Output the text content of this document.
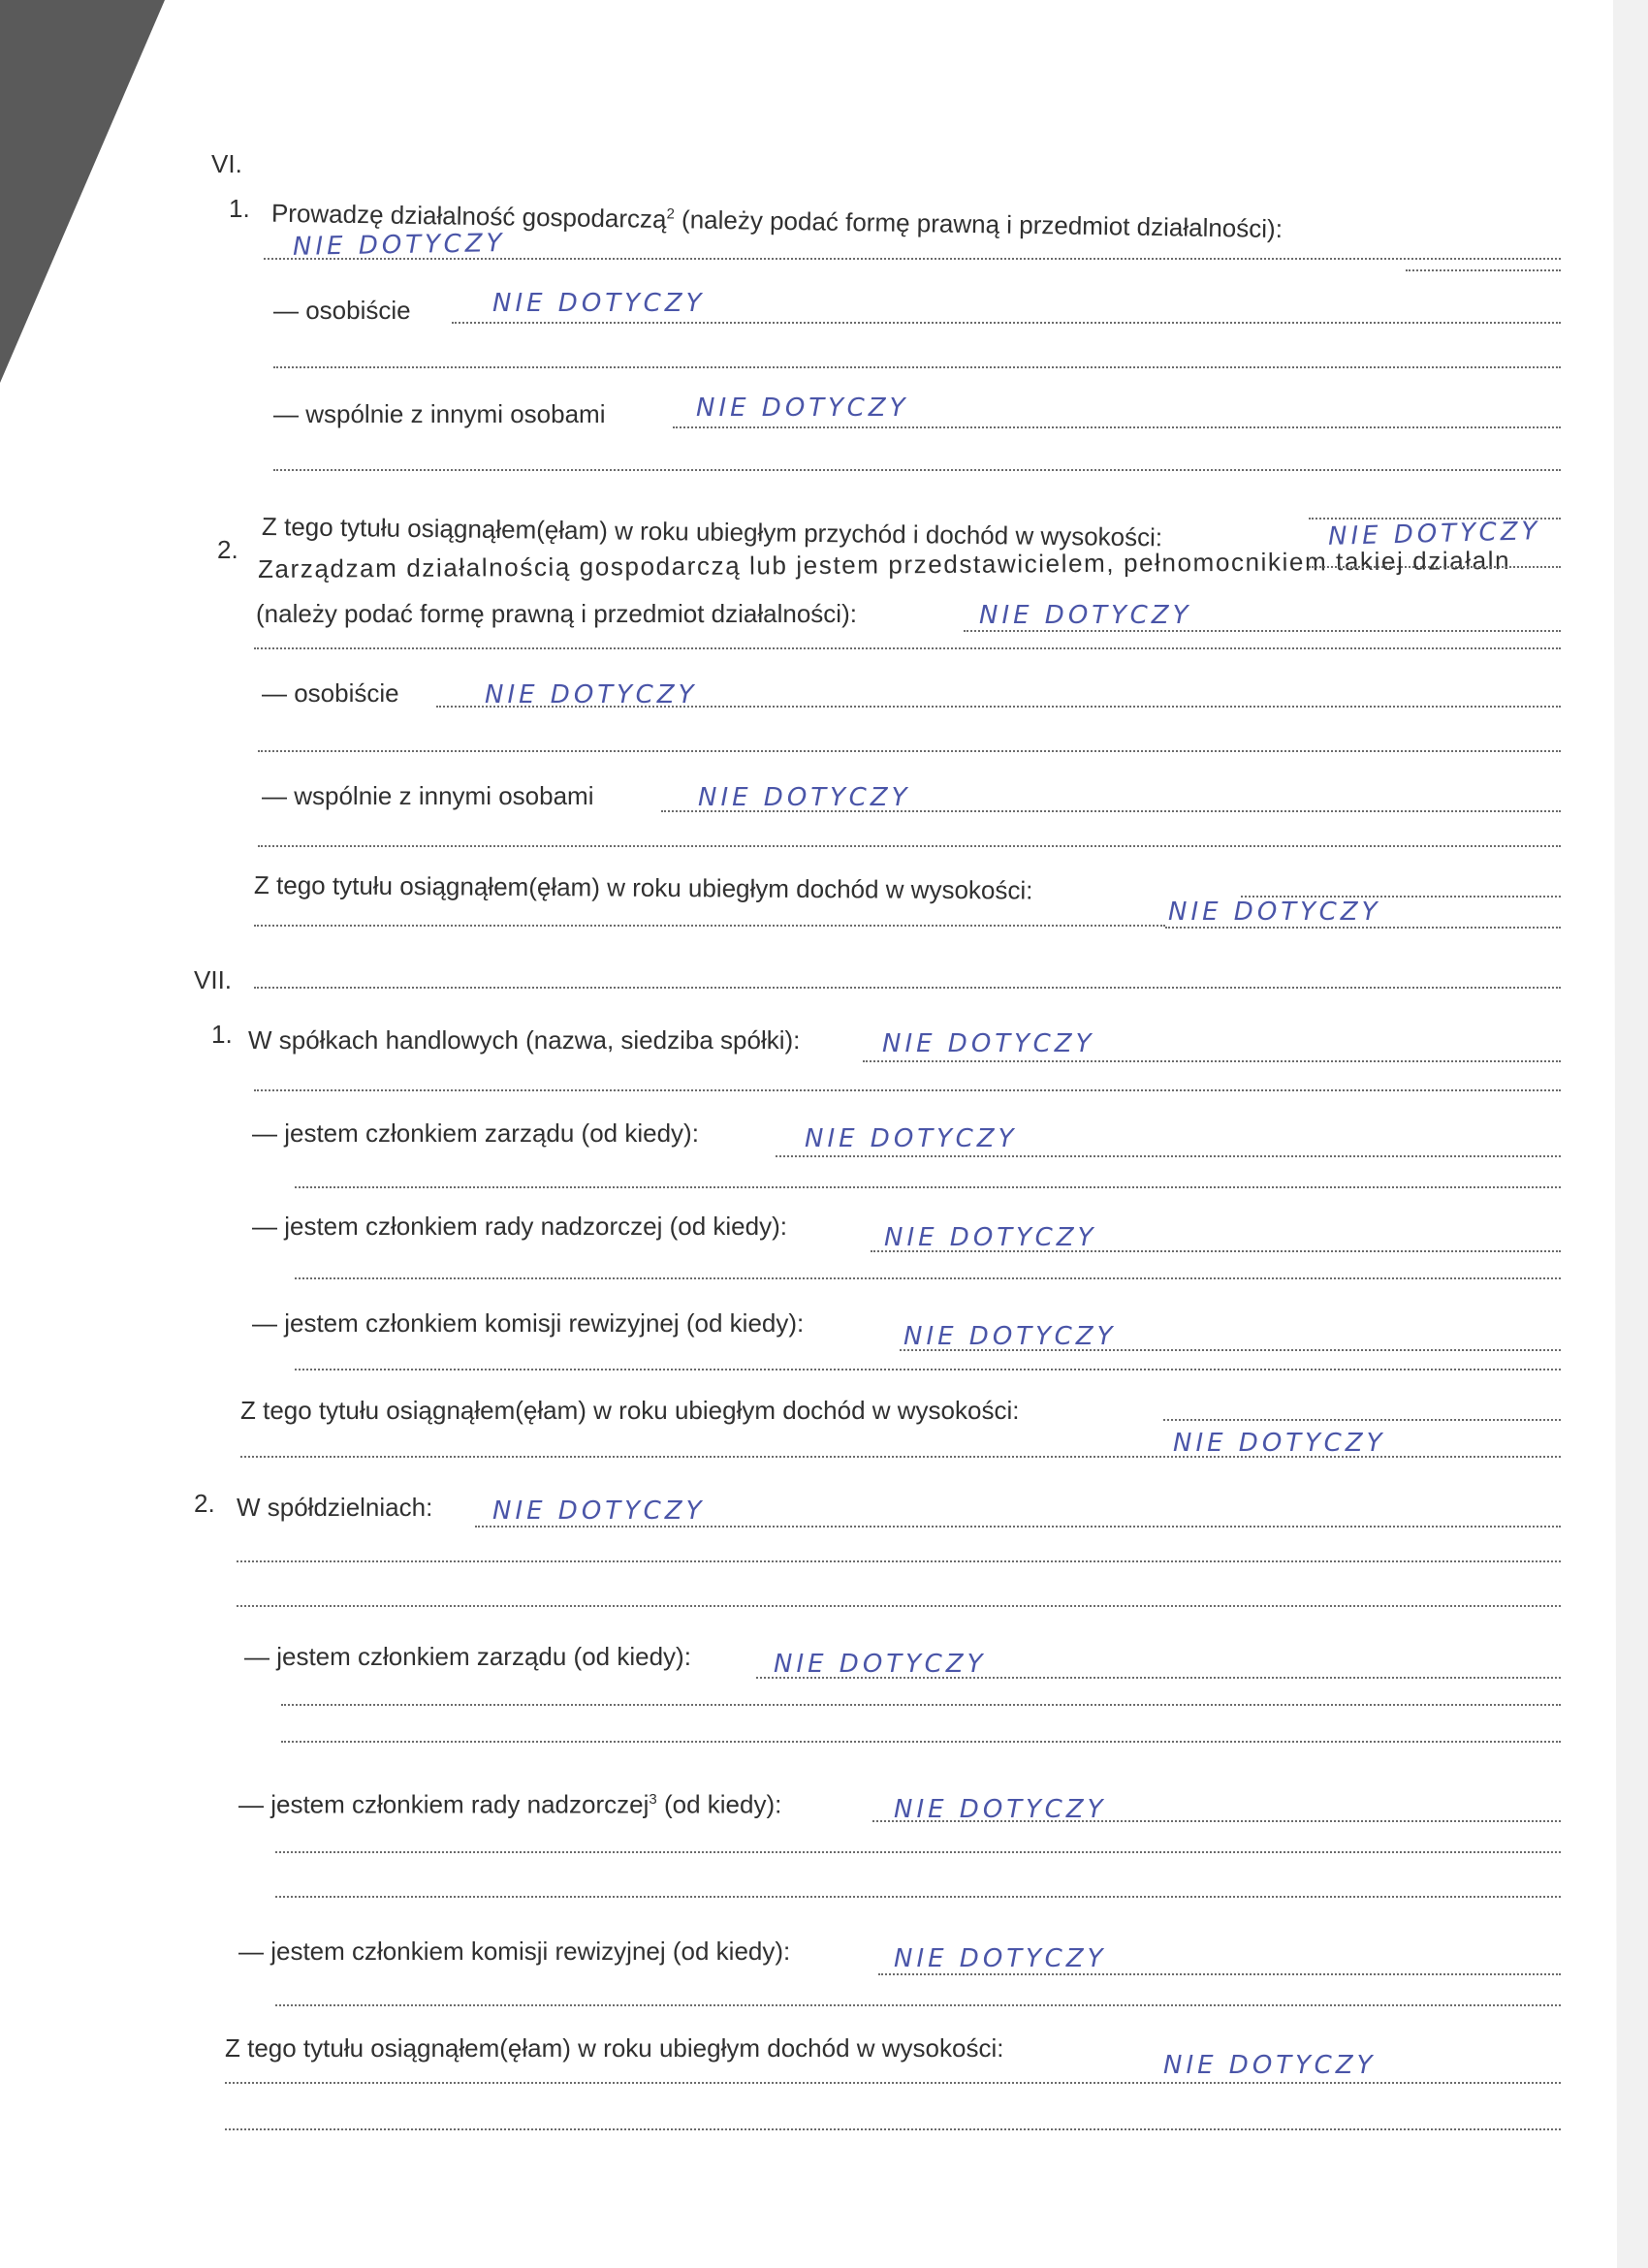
VI.
1. Prowadzę działalność gospodarczą$^2$ (należy podać formę prawną i przedmiot działalności):
NIE DOTYCZY
— osobiście	NIE DOTYCZY
— wspólnie z innymi osobami	NIE DOTYCZY
Z tego tytułu osiągnąłem(ęłam) w roku ubiegłym przychód i dochód w wysokości:	NIE DOTYCZY
2. Zarządzam działalnością gospodarczą lub jestem przedstawicielem, pełnomocnikiem takiej działaln
(należy podać formę prawną i przedmiot działalności):	NIE DOTYCZY
— osobiście	NIE DOTYCZY
— wspólnie z innymi osobami	NIE DOTYCZY
Z tego tytułu osiągnąłem(ęłam) w roku ubiegłym dochód w wysokości:
NIE DOTYCZY
VII.
1. W spółkach handlowych (nazwa, siedziba spółki):	NIE DOTYCZY
— jestem członkiem zarządu (od kiedy):	NIE DOTYCZY
— jestem członkiem rady nadzorczej (od kiedy):	NIE DOTYCZY
— jestem członkiem komisji rewizyjnej (od kiedy):	NIE DOTYCZY
Z tego tytułu osiągnąłem(ęłam) w roku ubiegłym dochód w wysokości:
NIE DOTYCZY
2. W spółdzielniach: NIE DOTYCZY
— jestem członkiem zarządu (od kiedy):	NIE DOTYCZY
— jestem członkiem rady nadzorczej$^3$ (od kiedy):	NIE DOTYCZY
— jestem członkiem komisji rewizyjnej (od kiedy):	NIE DOTYCZY
Z tego tytułu osiągnąłem(ęłam) w roku ubiegłym dochód w wysokości:
NIE DOTYCZY
